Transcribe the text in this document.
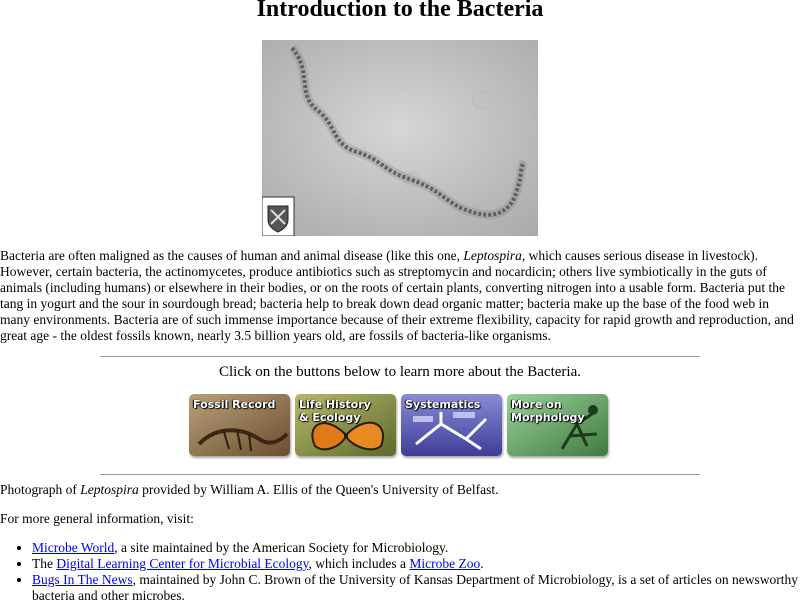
Introduction to the Bacteria

Bacteria are often maligned as the causes of human and animal disease (like this one, Leptospira, which causes serious disease in livestock). However, certain bacteria, the actinomycetes, produce antibiotics such as streptomycin and nocardicin; others live symbiotically in the guts of animals (including humans) or elsewhere in their bodies, or on the roots of certain plants, converting nitrogen into a usable form. Bacteria put the tang in yogurt and the sour in sourdough bread; bacteria help to break down dead organic matter; bacteria make up the base of the food web in many environments. Bacteria are of such immense importance because of their extreme flexibility, capacity for rapid growth and reproduction, and great age - the oldest fossils known, nearly 3.5 billion years old, are fossils of bacteria-like organisms.

Click on the buttons below to learn more about the Bacteria.

Fossil Record Life History
& Ecology
Systematics	More on
Morphology

Photograph of Leptospira provided by William A. Ellis of the Queen's University of Belfast.

For more general information, visit:

• Microbe World, a site maintained by the American Society for Microbiology.
• The Digital Learning Center for Microbial Ecology, which includes a Microbe Zoo.
• Bugs In The News, maintained by John C. Brown of the University of Kansas Department of Microbiology, is a set of articles on newsworthy bacteria and other microbes.
